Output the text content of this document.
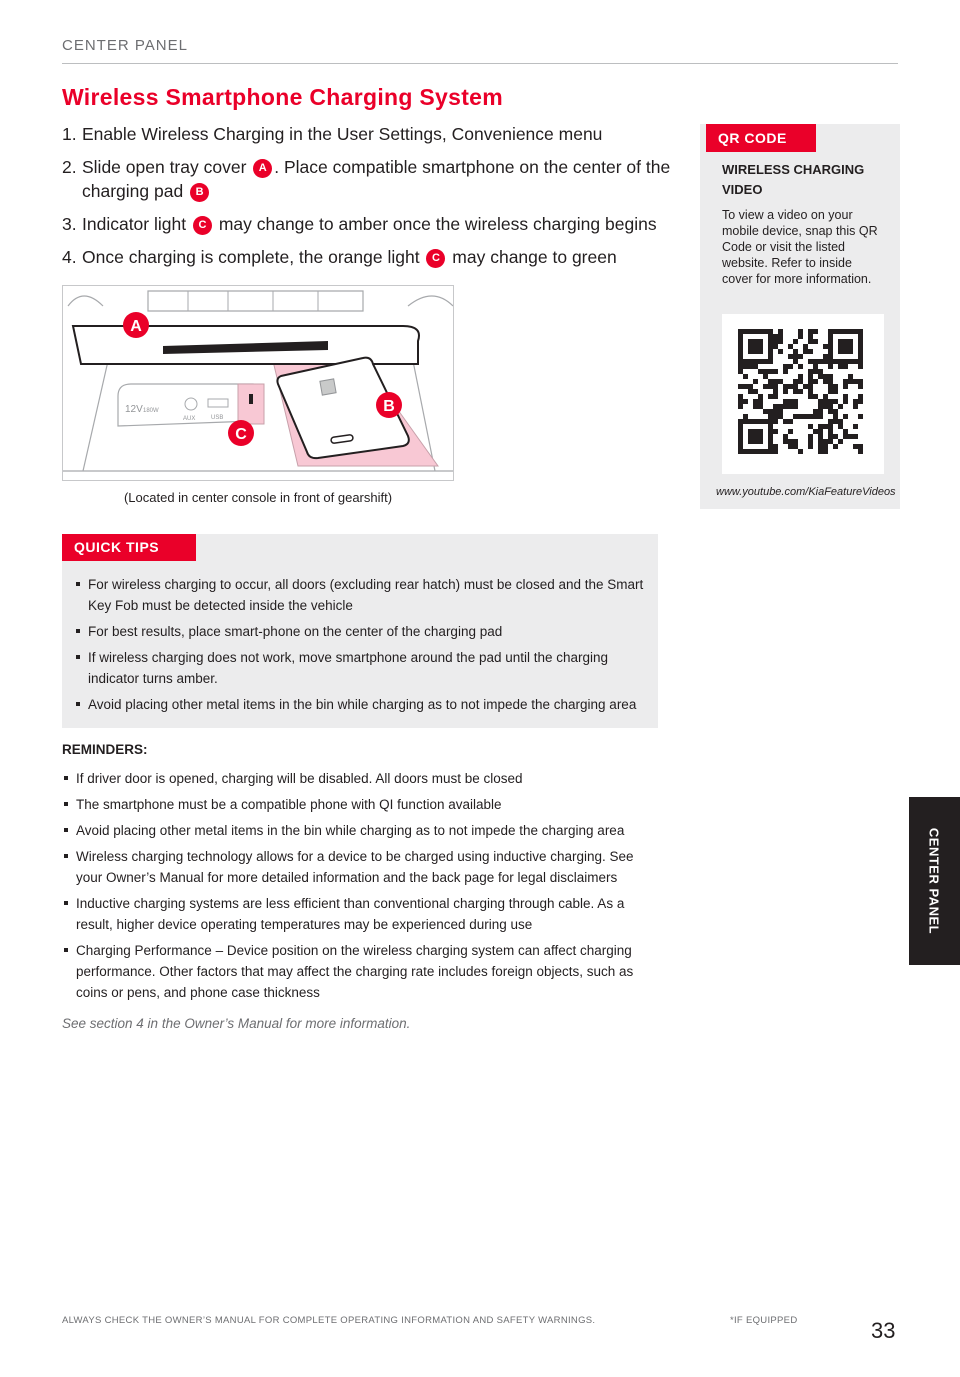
CENTER PANEL
Wireless Smartphone Charging System
1. Enable Wireless Charging in the User Settings, Convenience menu
2. Slide open tray cover A . Place compatible smartphone on the center of the charging pad B
3. Indicator light C may change to amber once the wireless charging begins
4. Once charging is complete, the orange light C may change to green
12V 180W
AUX	USB
A
B
C
(Located in center console in front of gearshift)
QR CODE
WIRELESS CHARGING VIDEO
To view a video on your mobile device, snap this QR Code or visit the listed website. Refer to inside cover for more information.
www.youtube.com/KiaFeatureVideos
QUICK TIPS
For wireless charging to occur, all doors (excluding rear hatch) must be closed and the Smart Key Fob must be detected inside the vehicle
For best results, place smart-phone on the center of the charging pad
If wireless charging does not work, move smartphone around the pad until the charging indicator turns amber.
Avoid placing other metal items in the bin while charging as to not impede the charging area
REMINDERS:
If driver door is opened, charging will be disabled. All doors must be closed
The smartphone must be a compatible phone with QI function available
Avoid placing other metal items in the bin while charging as to not impede the charging area
Wireless charging technology allows for a device to be charged using inductive charging. See your Owner’s Manual for more detailed information and the back page for legal disclaimers
Inductive charging systems are less efficient than conventional charging through cable. As a result, higher device operating temperatures may be experienced during use
Charging Performance – Device position on the wireless charging system can affect charging performance. Other factors that may affect the charging rate includes foreign objects, such as coins or pens, and phone case thickness
See section 4 in the Owner’s Manual for more information.
CENTER PANEL
ALWAYS CHECK THE OWNER’S MANUAL FOR COMPLETE OPERATING INFORMATION AND SAFETY WARNINGS.	*IF EQUIPPED	33
